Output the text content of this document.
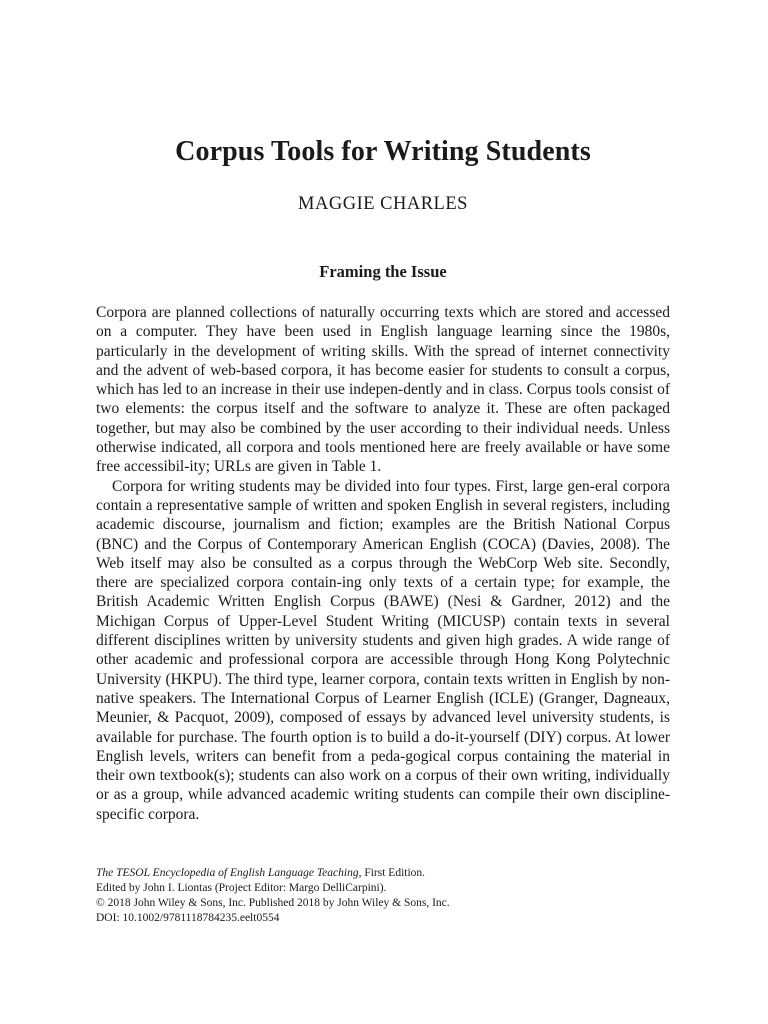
Corpus Tools for Writing Students
MAGGIE CHARLES
Framing the Issue

Corpora are planned collections of naturally occurring texts which are stored and accessed on a computer. They have been used in English language learning since the 1980s, particularly in the development of writing skills. With the spread of internet connectivity and the advent of web-based corpora, it has become easier for students to consult a corpus, which has led to an increase in their use indepen-dently and in class. Corpus tools consist of two elements: the corpus itself and the software to analyze it. These are often packaged together, but may also be combined by the user according to their individual needs. Unless otherwise indicated, all corpora and tools mentioned here are freely available or have some free accessibil-ity; URLs are given in Table 1.

Corpora for writing students may be divided into four types. First, large gen-eral corpora contain a representative sample of written and spoken English in several registers, including academic discourse, journalism and fiction; examples are the British National Corpus (BNC) and the Corpus of Contemporary American English (COCA) (Davies, 2008). The Web itself may also be consulted as a corpus through the WebCorp Web site. Secondly, there are specialized corpora contain-ing only texts of a certain type; for example, the British Academic Written English Corpus (BAWE) (Nesi & Gardner, 2012) and the Michigan Corpus of Upper-Level Student Writing (MICUSP) contain texts in several different disciplines written by university students and given high grades. A wide range of other academic and professional corpora are accessible through Hong Kong Polytechnic University (HKPU). The third type, learner corpora, contain texts written in English by non-native speakers. The International Corpus of Learner English (ICLE) (Granger, Dagneaux, Meunier, & Pacquot, 2009), composed of essays by advanced level university students, is available for purchase. The fourth option is to build a do-it-yourself (DIY) corpus. At lower English levels, writers can benefit from a peda-gogical corpus containing the material in their own textbook(s); students can also work on a corpus of their own writing, individually or as a group, while advanced academic writing students can compile their own discipline-specific corpora.

The TESOL Encyclopedia of English Language Teaching, First Edition.
Edited by John I. Liontas (Project Editor: Margo DelliCarpini).
© 2018 John Wiley & Sons, Inc. Published 2018 by John Wiley & Sons, Inc.
DOI: 10.1002/9781118784235.eelt0554
